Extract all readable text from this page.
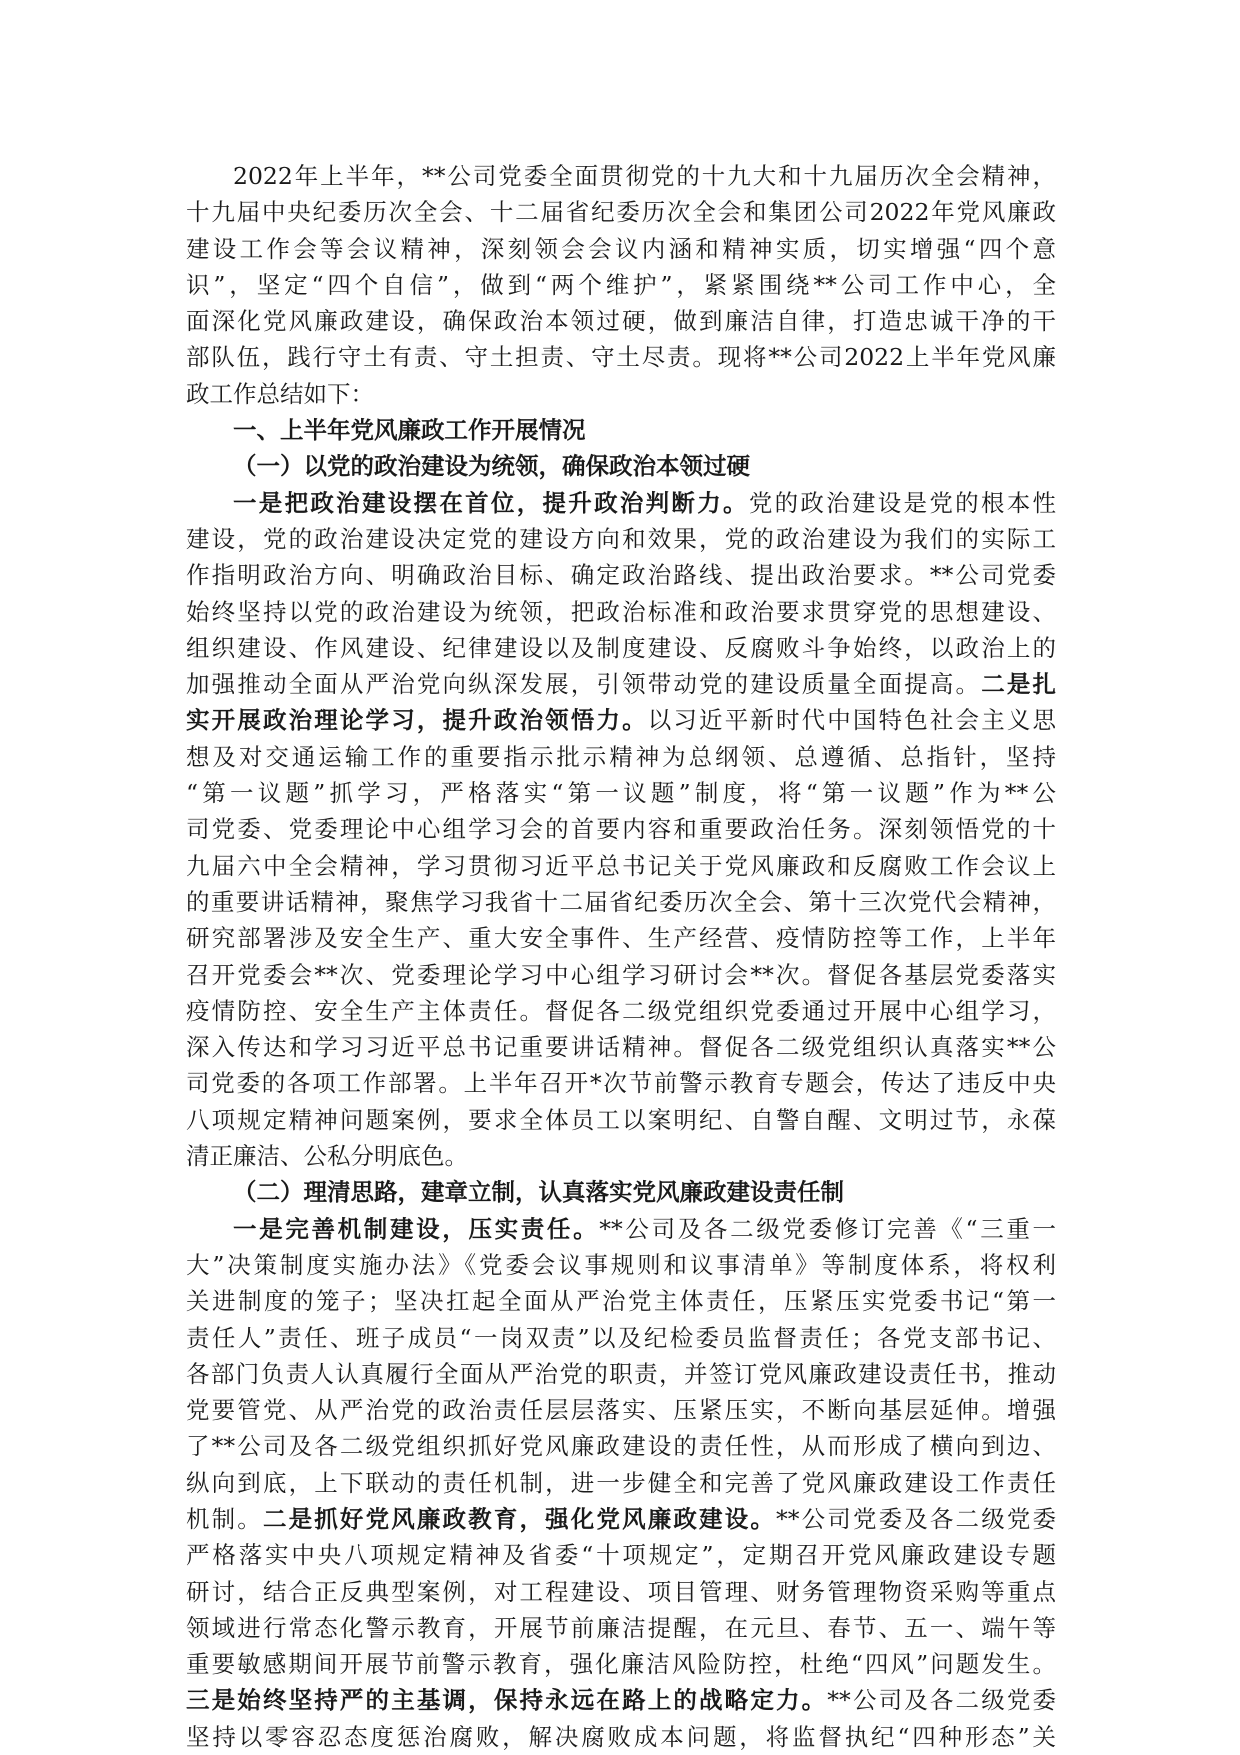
2022年上半年，**公司党委全面贯彻党的十九大和十九届历次全会精神，
十九届中央纪委历次全会、十二届省纪委历次全会和集团公司2022年党风廉政
建设工作会等会议精神，深刻领会会议内涵和精神实质，切实增强“四个意
识”，坚定“四个自信”，做到“两个维护”，紧紧围绕**公司工作中心，全
面深化党风廉政建设，确保政治本领过硬，做到廉洁自律，打造忠诚干净的干
部队伍，践行守土有责、守土担责、守土尽责。现将**公司2022上半年党风廉
政工作总结如下：
一、上半年党风廉政工作开展情况
（一）以党的政治建设为统领，确保政治本领过硬
一是把政治建设摆在首位，提升政治判断力。党的政治建设是党的根本性
建设，党的政治建设决定党的建设方向和效果，党的政治建设为我们的实际工
作指明政治方向、明确政治目标、确定政治路线、提出政治要求。**公司党委
始终坚持以党的政治建设为统领，把政治标准和政治要求贯穿党的思想建设、
组织建设、作风建设、纪律建设以及制度建设、反腐败斗争始终，以政治上的
加强推动全面从严治党向纵深发展，引领带动党的建设质量全面提高。二是扎
实开展政治理论学习，提升政治领悟力。以习近平新时代中国特色社会主义思
想及对交通运输工作的重要指示批示精神为总纲领、总遵循、总指针，坚持
“第一议题”抓学习，严格落实“第一议题”制度，将“第一议题”作为**公
司党委、党委理论中心组学习会的首要内容和重要政治任务。深刻领悟党的十
九届六中全会精神，学习贯彻习近平总书记关于党风廉政和反腐败工作会议上
的重要讲话精神，聚焦学习我省十二届省纪委历次全会、第十三次党代会精神，
研究部署涉及安全生产、重大安全事件、生产经营、疫情防控等工作，上半年
召开党委会**次、党委理论学习中心组学习研讨会**次。督促各基层党委落实
疫情防控、安全生产主体责任。督促各二级党组织党委通过开展中心组学习，
深入传达和学习习近平总书记重要讲话精神。督促各二级党组织认真落实**公
司党委的各项工作部署。上半年召开*次节前警示教育专题会，传达了违反中央
八项规定精神问题案例，要求全体员工以案明纪、自警自醒、文明过节，永葆
清正廉洁、公私分明底色。
（二）理清思路，建章立制，认真落实党风廉政建设责任制
一是完善机制建设，压实责任。**公司及各二级党委修订完善《“三重一
大”决策制度实施办法》《党委会议事规则和议事清单》等制度体系，将权利
关进制度的笼子；坚决扛起全面从严治党主体责任，压紧压实党委书记“第一
责任人”责任、班子成员“一岗双责”以及纪检委员监督责任；各党支部书记、
各部门负责人认真履行全面从严治党的职责，并签订党风廉政建设责任书，推动
党要管党、从严治党的政治责任层层落实、压紧压实，不断向基层延伸。增强
了**公司及各二级党组织抓好党风廉政建设的责任性，从而形成了横向到边、
纵向到底，上下联动的责任机制，进一步健全和完善了党风廉政建设工作责任
机制。二是抓好党风廉政教育，强化党风廉政建设。**公司党委及各二级党委
严格落实中央八项规定精神及省委“十项规定”，定期召开党风廉政建设专题
研讨，结合正反典型案例，对工程建设、项目管理、财务管理物资采购等重点
领域进行常态化警示教育，开展节前廉洁提醒，在元旦、春节、五一、端午等
重要敏感期间开展节前警示教育，强化廉洁风险防控，杜绝“四风”问题发生。
三是始终坚持严的主基调，保持永远在路上的战略定力。**公司及各二级党委
坚持以零容忍态度惩治腐败，解决腐败成本问题，将监督执纪“四种形态”关
